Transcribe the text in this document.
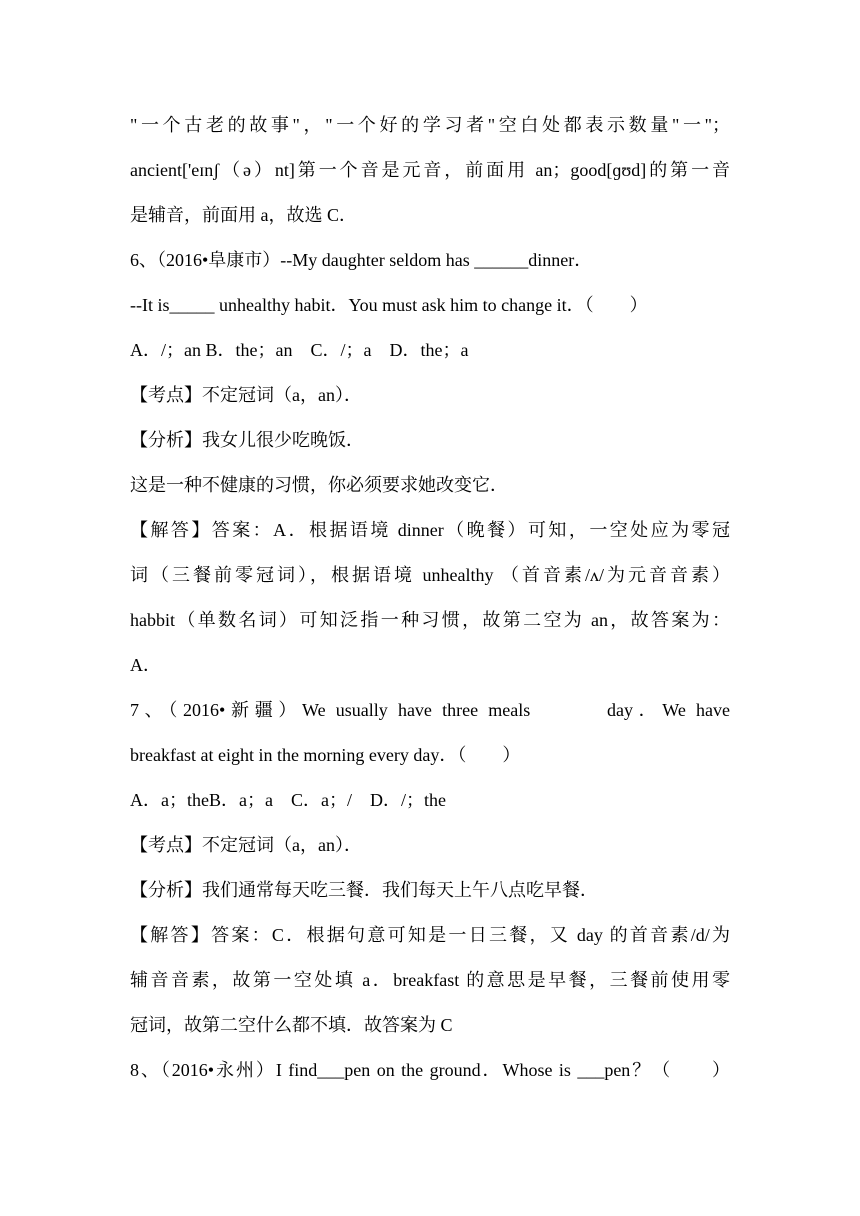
"一个古老的故事"，"一个好的学习者"空白处都表示数量"一"；
ancient['eɪnʃ（ə）nt]第一个音是元音，前面用 an；good[ɡʊd]的第一音
是辅音，前面用 a，故选 C．
6、（2016•阜康市）--My daughter seldom has ______dinner．
--It is_____ unhealthy habit．You must ask him to change it．（　　）
A．/；an B．the；an　C．/；a　D．the；a
【考点】不定冠词（a，an）．
【分析】我女儿很少吃晚饭．
这是一种不健康的习惯，你必须要求她改变它．
【解答】答案：A．根据语境 dinner（晚餐）可知，一空处应为零冠
词（三餐前零冠词），根据语境 unhealthy （首音素/ʌ/为元音音素）
habbit（单数名词）可知泛指一种习惯，故第二空为 an，故答案为：
A．
7、（2016•新疆）We usually have three meals　　　day．We have
breakfast at eight in the morning every day．（　　）
A．a；theB．a；a　C．a；/　D．/；the
【考点】不定冠词（a，an）．
【分析】我们通常每天吃三餐．我们每天上午八点吃早餐．
【解答】答案：C．根据句意可知是一日三餐，又 day 的首音素/d/为
辅音音素，故第一空处填 a．breakfast 的意思是早餐，三餐前使用零
冠词，故第二空什么都不填．故答案为 C
8、（2016•永州）I find___pen on the ground．Whose is ___pen？（　　）
